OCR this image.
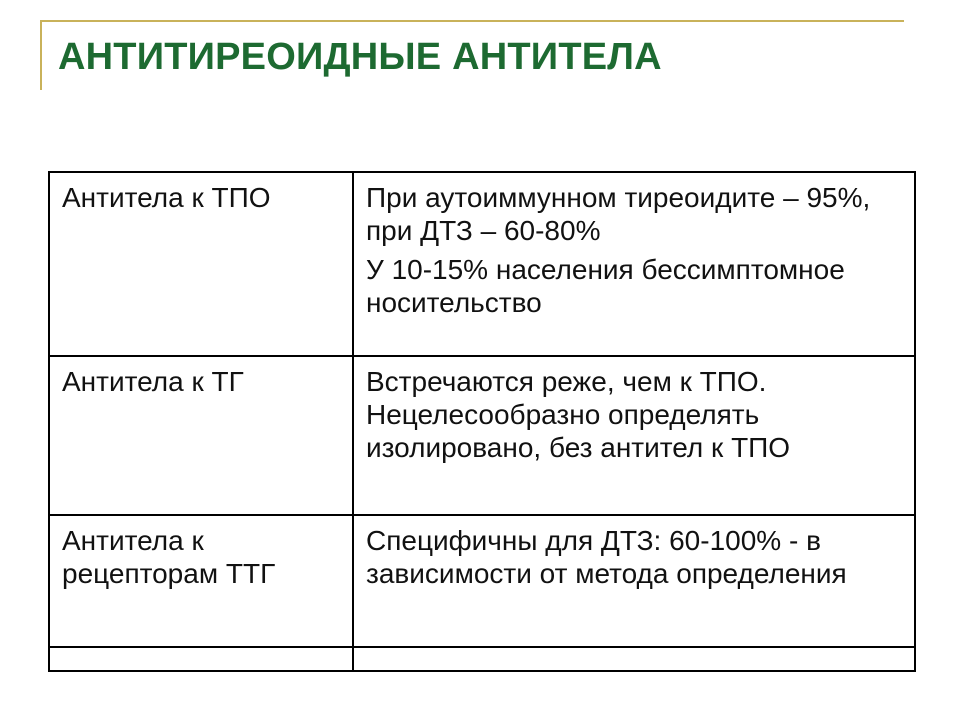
АНТИТИРЕОИДНЫЕ АНТИТЕЛА
Антитела к ТПО	При аутоиммунном тиреоидите – 95%, при ДТЗ – 60-80%
У 10-15% населения бессимптомное носительство

Антитела к ТГ	Встречаются реже, чем к ТПО. Нецелесообразно определять изолировано, без антител к ТПО

Антитела к рецепторам ТТГ	Специфичны для ДТЗ: 60-100% - в зависимости от метода определения
